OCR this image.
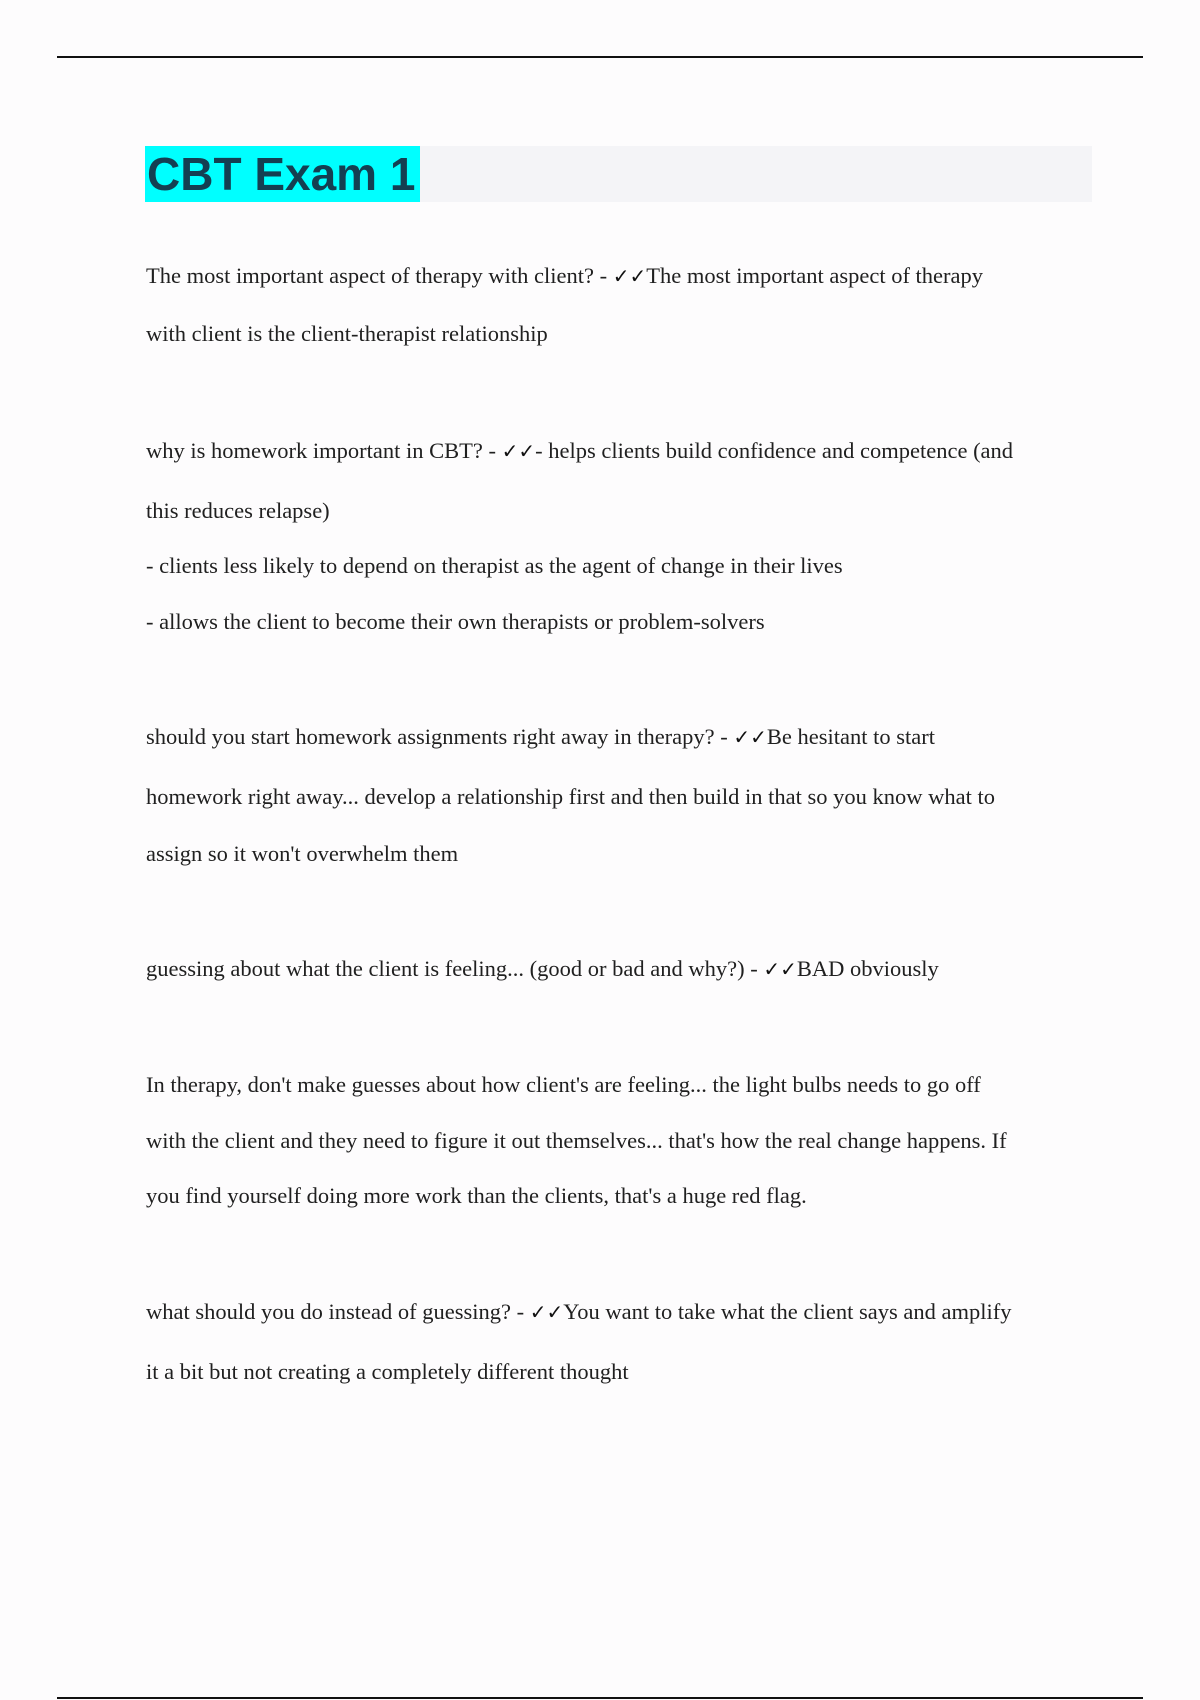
CBT Exam 1
The most important aspect of therapy with client? - ✓✓The most important aspect of therapy
with client is the client-therapist relationship
why is homework important in CBT? - ✓✓- helps clients build confidence and competence (and
this reduces relapse)
- clients less likely to depend on therapist as the agent of change in their lives
- allows the client to become their own therapists or problem-solvers
should you start homework assignments right away in therapy? - ✓✓Be hesitant to start
homework right away... develop a relationship first and then build in that so you know what to
assign so it won't overwhelm them
guessing about what the client is feeling... (good or bad and why?) - ✓✓BAD obviously
In therapy, don't make guesses about how client's are feeling... the light bulbs needs to go off
with the client and they need to figure it out themselves... that's how the real change happens. If
you find yourself doing more work than the clients, that's a huge red flag.
what should you do instead of guessing? - ✓✓You want to take what the client says and amplify
it a bit but not creating a completely different thought
